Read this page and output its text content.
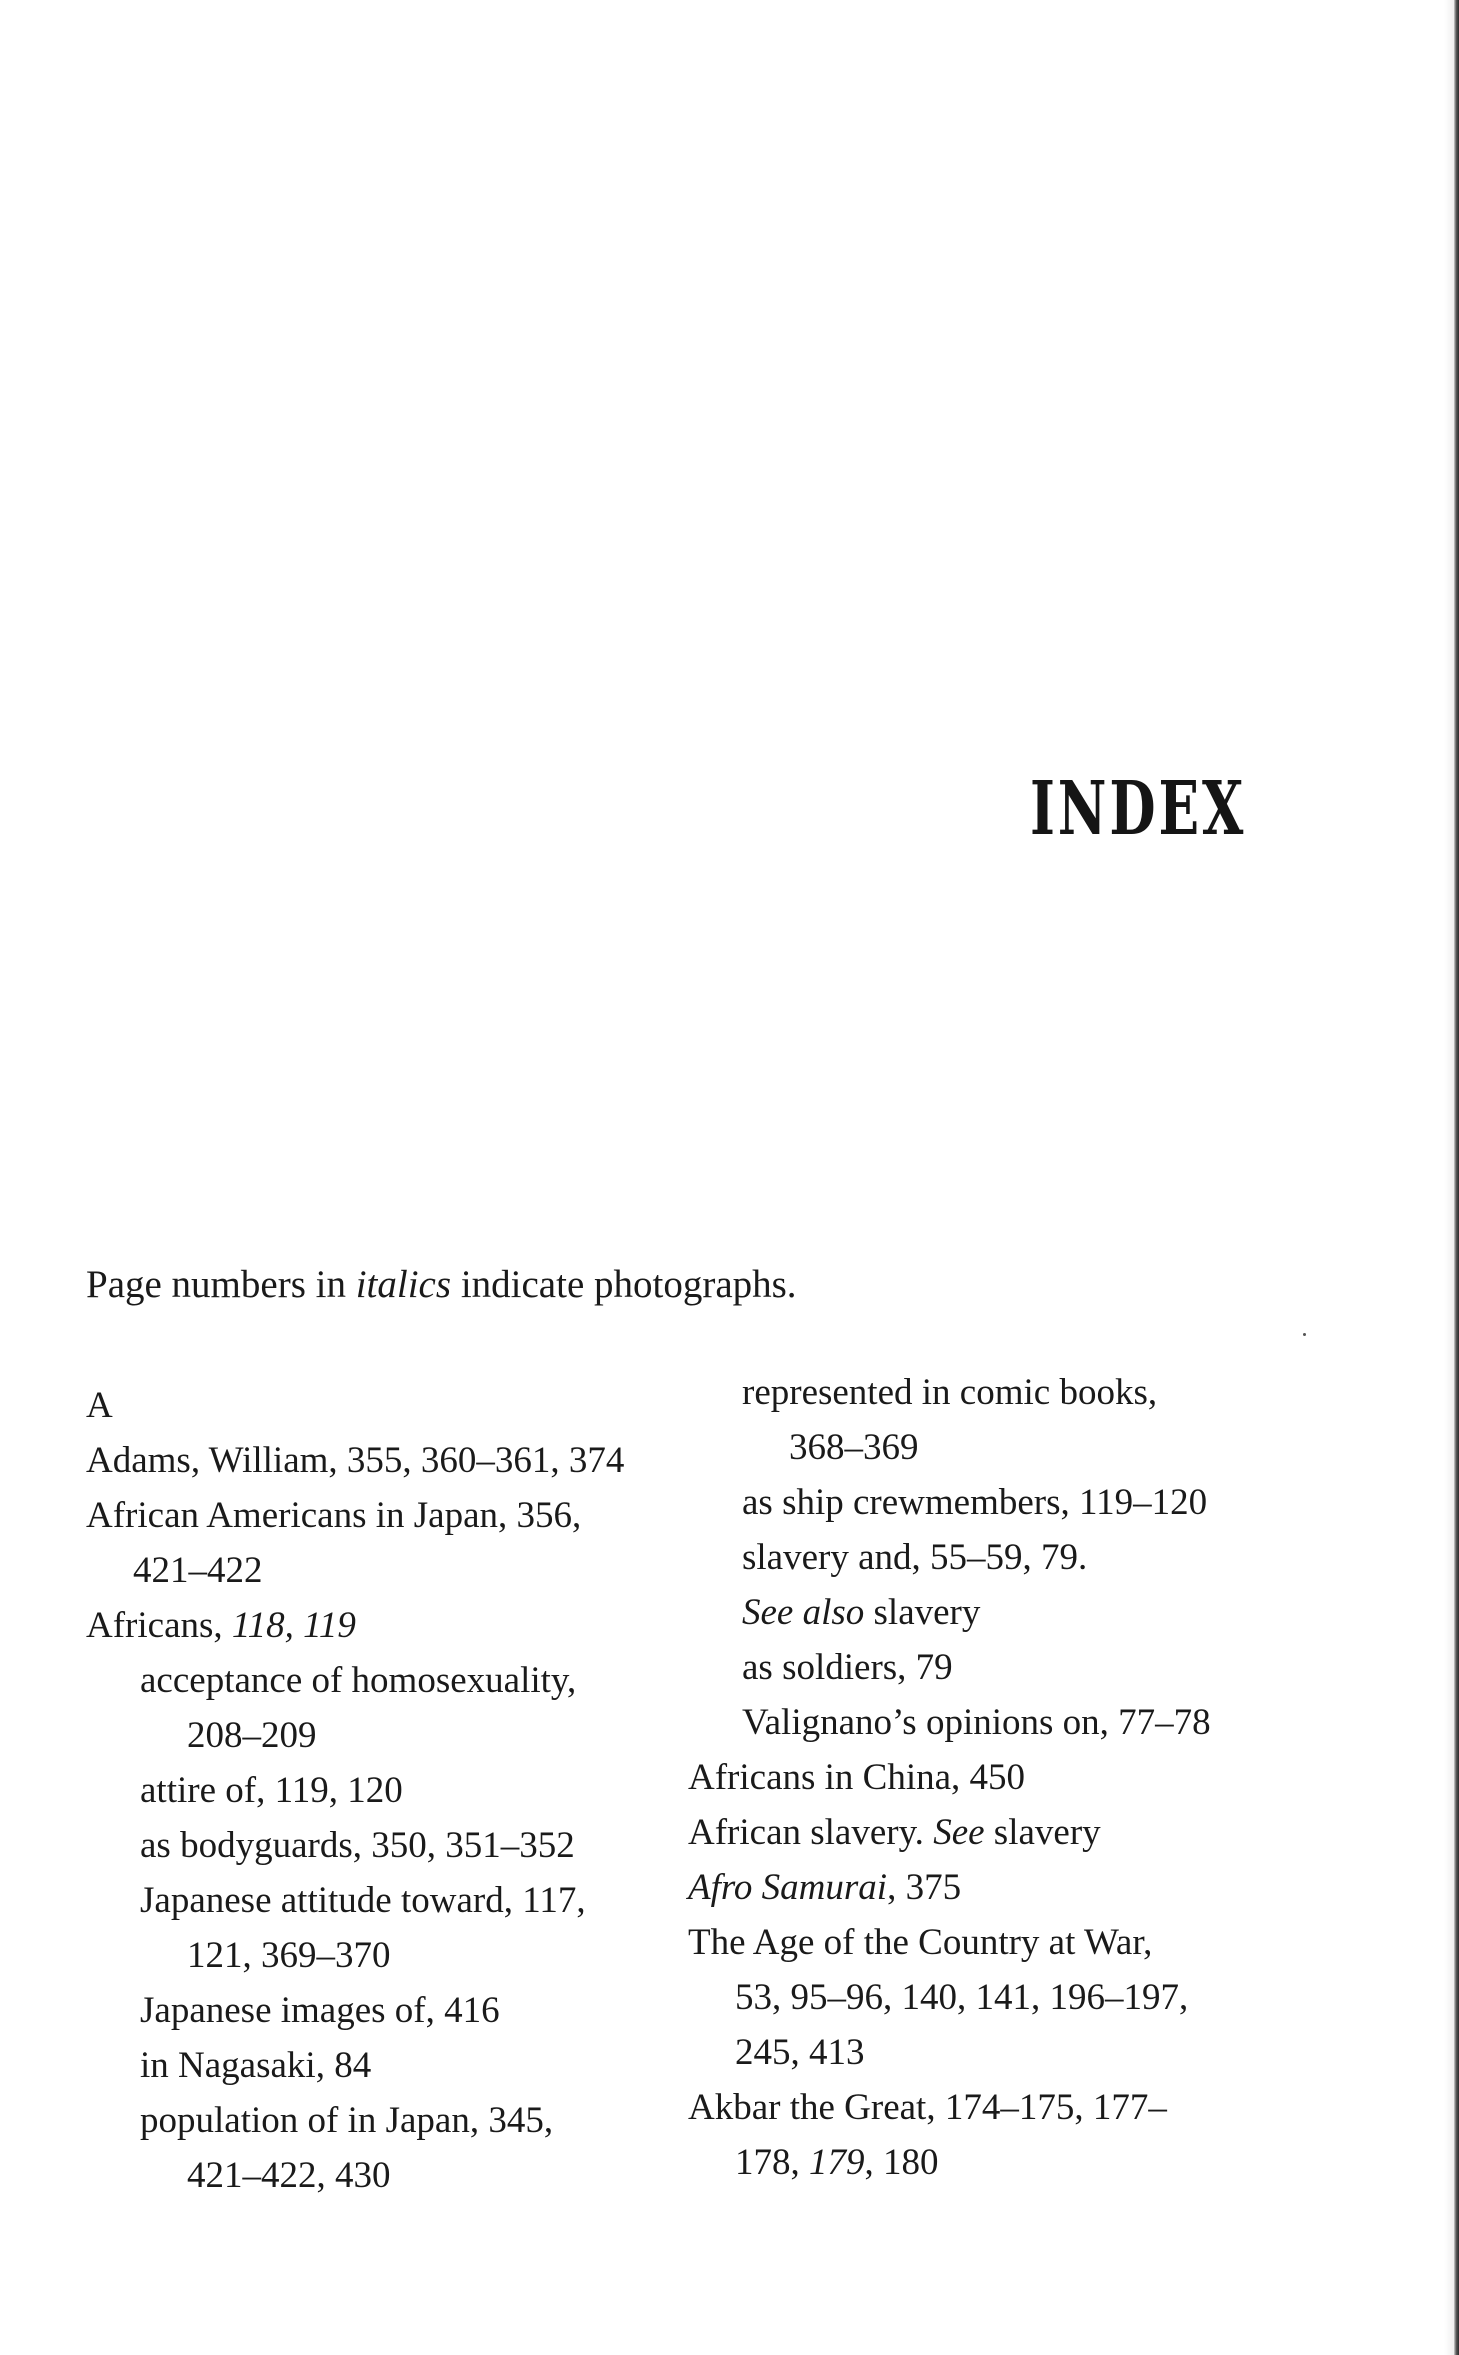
INDEX
Page numbers in italics indicate photographs.
A
Adams, William, 355, 360–361, 374
African Americans in Japan, 356,
421–422
Africans, 118, 119
acceptance of homosexuality,
208–209
attire of, 119, 120
as bodyguards, 350, 351–352
Japanese attitude toward, 117,
121, 369–370
Japanese images of, 416
in Nagasaki, 84
population of in Japan, 345,
421–422, 430
represented in comic books,
368–369
as ship crewmembers, 119–120
slavery and, 55–59, 79.
See also slavery
as soldiers, 79
Valignano’s opinions on, 77–78
Africans in China, 450
African slavery. See slavery
Afro Samurai, 375
The Age of the Country at War,
53, 95–96, 140, 141, 196–197,
245, 413
Akbar the Great, 174–175, 177–
178, 179, 180
